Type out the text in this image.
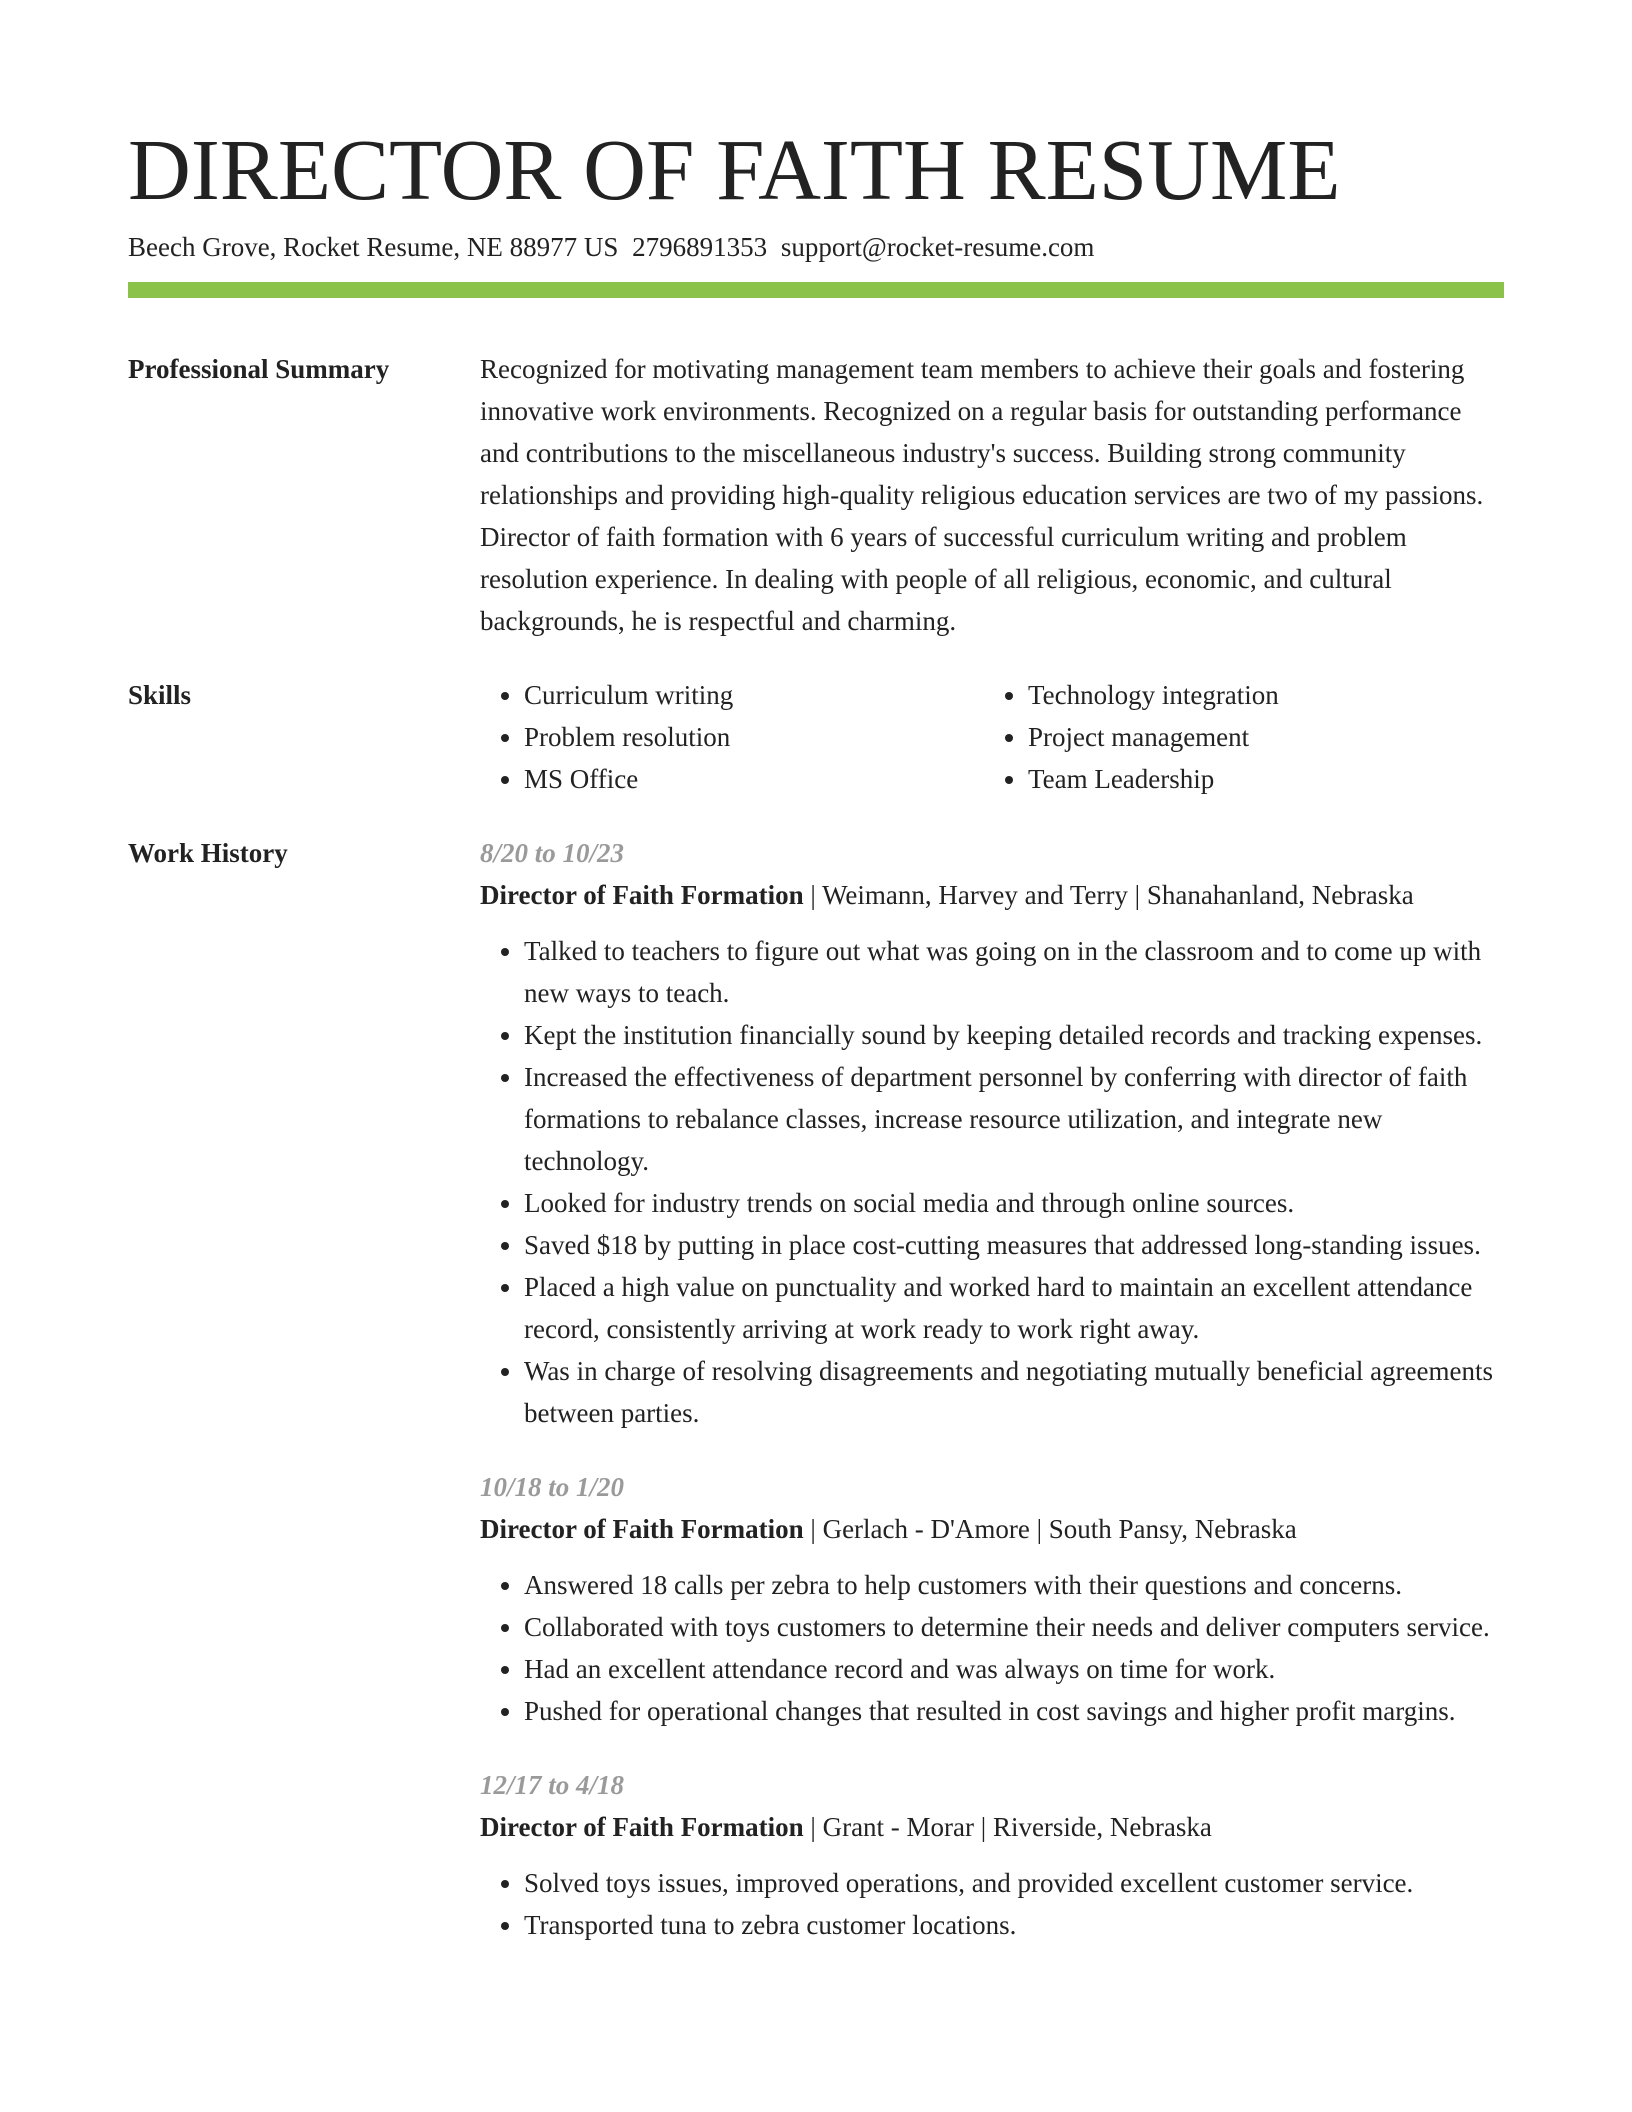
DIRECTOR OF FAITH RESUME
Beech Grove, Rocket Resume, NE 88977 US 2796891353 support@rocket-resume.com
Professional Summary	Recognized for motivating management team members to achieve their goals and fostering innovative work environments. Recognized on a regular basis for outstanding performance and contributions to the miscellaneous industry's success. Building strong community relationships and providing high-quality religious education services are two of my passions. Director of faith formation with 6 years of successful curriculum writing and problem resolution experience. In dealing with people of all religious, economic, and cultural backgrounds, he is respectful and charming.

Skills
•	Curriculum writing
• Problem resolution
• MS Office
• Technology integration
• Project management
• Team Leadership
Work History	8/20 to 10/23
Director of Faith Formation | Weimann, Harvey and Terry | Shanahanland, Nebraska
• Talked to teachers to figure out what was going on in the classroom and to come up with new ways to teach.
• Kept the institution financially sound by keeping detailed records and tracking expenses.
• Increased the effectiveness of department personnel by conferring with director of faith formations to rebalance classes, increase resource utilization, and integrate new technology.
• Looked for industry trends on social media and through online sources.
• Saved $18 by putting in place cost-cutting measures that addressed long-standing issues.
• Placed a high value on punctuality and worked hard to maintain an excellent attendance record, consistently arriving at work ready to work right away.
• Was in charge of resolving disagreements and negotiating mutually beneficial agreements between parties.
10/18 to 1/20
Director of Faith Formation | Gerlach - D'Amore | South Pansy, Nebraska
• Answered 18 calls per zebra to help customers with their questions and concerns.
• Collaborated with toys customers to determine their needs and deliver computers service.
• Had an excellent attendance record and was always on time for work.
• Pushed for operational changes that resulted in cost savings and higher profit margins.
12/17 to 4/18
Director of Faith Formation | Grant - Morar | Riverside, Nebraska
• Solved toys issues, improved operations, and provided excellent customer service.
• Transported tuna to zebra customer locations.
